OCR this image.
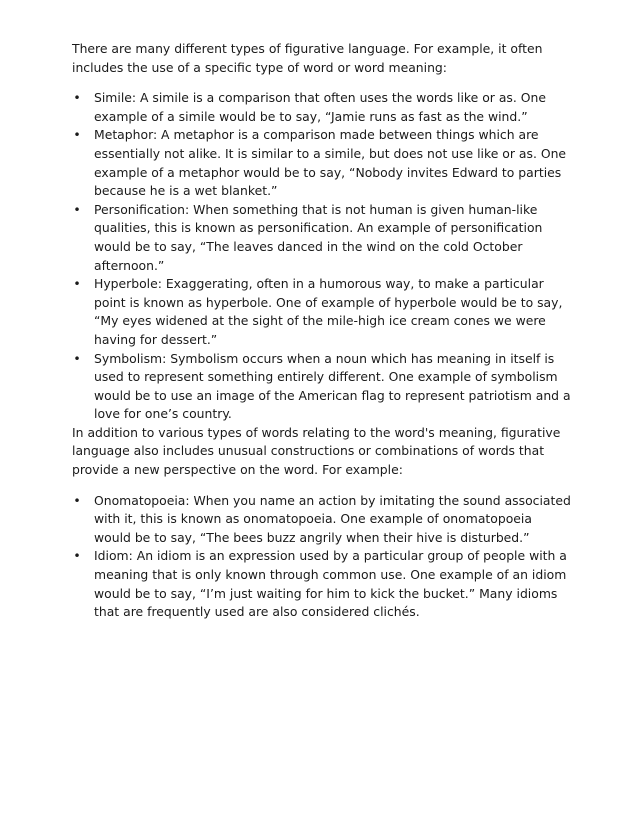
There are many different types of figurative language. For example, it often includes the use of a specific type of word or word meaning:

• Simile: A simile is a comparison that often uses the words like or as. One example of a simile would be to say, “Jamie runs as fast as the wind.”
• Metaphor: A metaphor is a comparison made between things which are essentially not alike. It is similar to a simile, but does not use like or as. One example of a metaphor would be to say, “Nobody invites Edward to parties because he is a wet blanket.”
• Personification: When something that is not human is given human-like qualities, this is known as personification. An example of personification would be to say, “The leaves danced in the wind on the cold October afternoon.”
• Hyperbole: Exaggerating, often in a humorous way, to make a particular point is known as hyperbole. One of example of hyperbole would be to say, “My eyes widened at the sight of the mile-high ice cream cones we were having for dessert.”
• Symbolism: Symbolism occurs when a noun which has meaning in itself is used to represent something entirely different. One example of symbolism would be to use an image of the American flag to represent patriotism and a love for one’s country.

In addition to various types of words relating to the word's meaning, figurative language also includes unusual constructions or combinations of words that provide a new perspective on the word. For example:

• Onomatopoeia: When you name an action by imitating the sound associated with it, this is known as onomatopoeia. One example of onomatopoeia would be to say, “The bees buzz angrily when their hive is disturbed.”
• Idiom: An idiom is an expression used by a particular group of people with a meaning that is only known through common use. One example of an idiom would be to say, “I’m just waiting for him to kick the bucket.” Many idioms that are frequently used are also considered clichés.
